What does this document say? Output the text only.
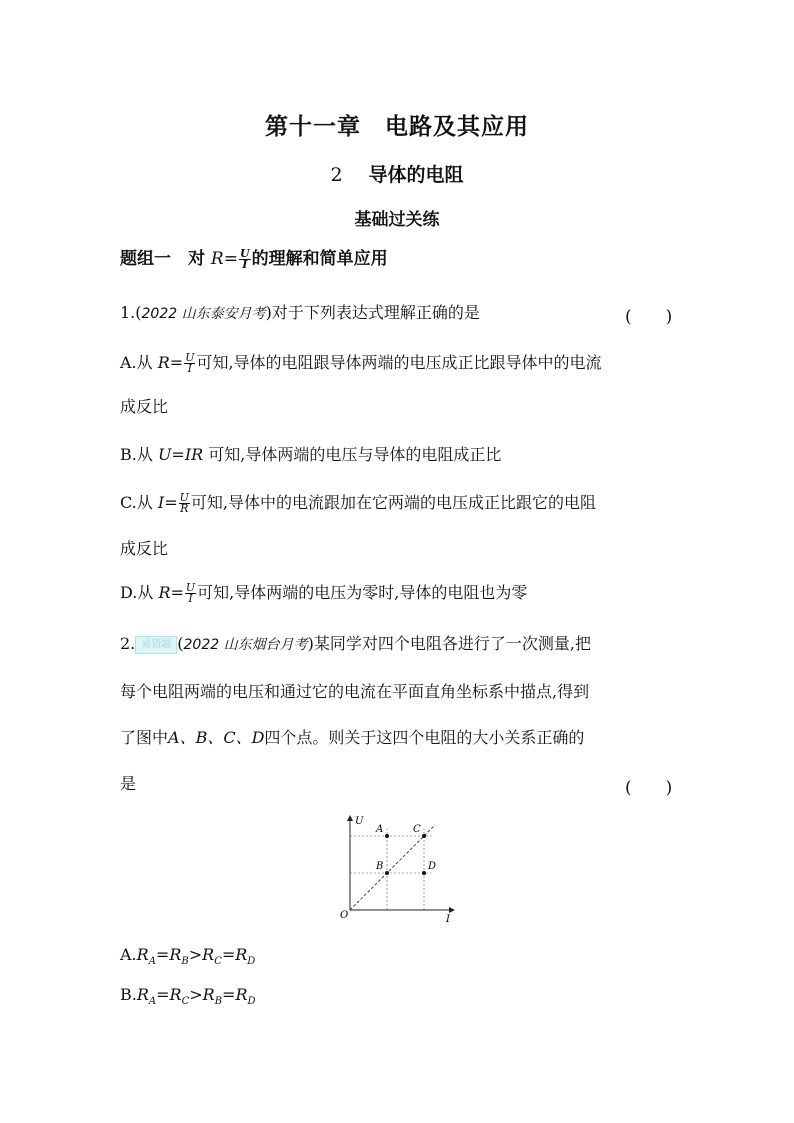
第十一章　电路及其应用
2 导体的电阻
基础过关练
题组一　对 $R= \frac{U}{I}$ 的理解和简单应用
1.(2022 山东泰安月考)对于下列表达式理解正确的是	(　　)
A.从 $R= \frac{U}{I}$ 可知,导体的电阻跟导体两端的电压成正比跟导体中的电流
成反比
B.从 U=IR 可知,导体两端的电压与导体的电阻成正比
C.从 $I= \frac{U}{R}$ 可知,导体中的电流跟加在它两端的电压成正比跟它的电阻
成反比
D.从 $R= \frac{U}{I}$ 可知,导体两端的电压为零时,导体的电阻也为零
2. 易错题 (2022 山东烟台月考)某同学对四个电阻各进行了一次测量,把
每个电阻两端的电压和通过它的电流在平面直角坐标系中描点,得到
了图中A、B、C、D四个点。则关于这四个电阻的大小关系正确的
是	(　　)
A
B
C
D
U
I
O
$A.R_A=R_B>R_C=R_D$
$B.R_A=R_C>R_B=R_D$
